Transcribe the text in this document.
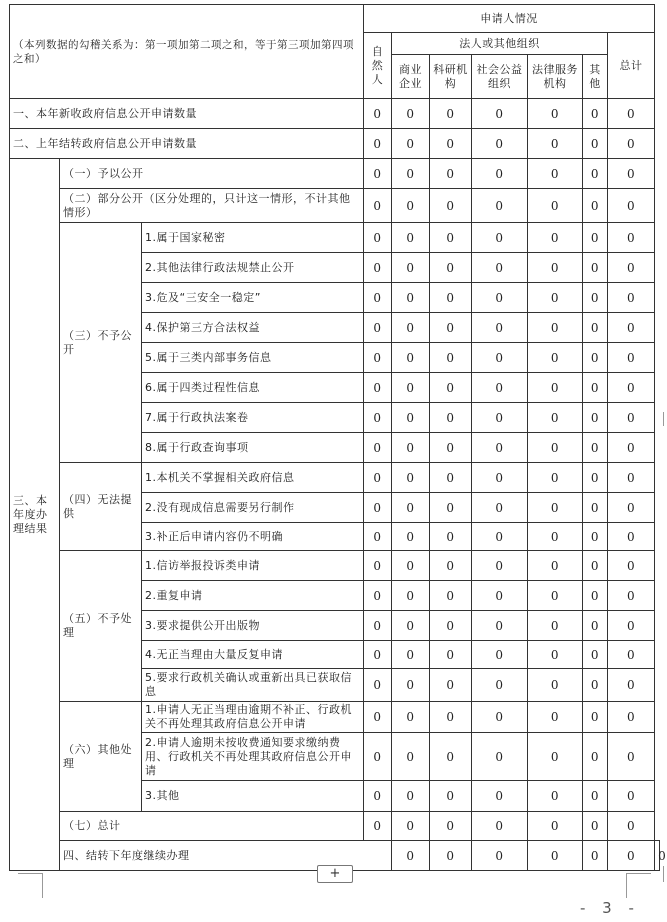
（本列数据的勾稽关系为：第一项加第二项之和，等于第三项加第四项之和）			申请人情况							
			自然人	法人或其他组织					总计	
				商业企业	科研机构	社会公益组织	法律服务机构	其他		
一、本年新收政府信息公开申请数量			0	0	0	0	0	0	0	
二、上年结转政府信息公开申请数量			0	0	0	0	0	0	0	
三、本年度办理结果	（一）予以公开		0	0	0	0	0	0	0	
	（二）部分公开（区分处理的，只计这一情形，不计其他情形）		0	0	0	0	0	0	0	
	（三）不予公开	1.属于国家秘密	0	0	0	0	0	0	0	
		2.其他法律行政法规禁止公开	0	0	0	0	0	0	0	
		3.危及“三安全一稳定”	0	0	0	0	0	0	0	
		4.保护第三方合法权益	0	0	0	0	0	0	0	
		5.属于三类内部事务信息	0	0	0	0	0	0	0	
		6.属于四类过程性信息	0	0	0	0	0	0	0	
		7.属于行政执法案卷	0	0	0	0	0	0	0	
		8.属于行政查询事项	0	0	0	0	0	0	0	
	（四）无法提供	1.本机关不掌握相关政府信息	0	0	0	0	0	0	0	
		2.没有现成信息需要另行制作	0	0	0	0	0	0	0	
		3.补正后申请内容仍不明确	0	0	0	0	0	0	0	
	（五）不予处理	1.信访举报投诉类申请	0	0	0	0	0	0	0	
		2.重复申请	0	0	0	0	0	0	0	
		3.要求提供公开出版物	0	0	0	0	0	0	0	
		4.无正当理由大量反复申请	0	0	0	0	0	0	0	
		5.要求行政机关确认或重新出具已获取信息	0	0	0	0	0	0	0	
	（六）其他处理	1.申请人无正当理由逾期不补正、行政机关不再处理其政府信息公开申请	0	0	0	0	0	0	0	
		2.申请人逾期未按收费通知要求缴纳费用、行政机关不再处理其政府信息公开申请	0	0	0	0	0	0	0	
		3.其他	0	0	0	0	0	0	0	
	（七）总计		0	0	0	0	0	0	0	
	四、结转下年度继续办理			0	0	0	0	0	0	0
+
- 3 -
